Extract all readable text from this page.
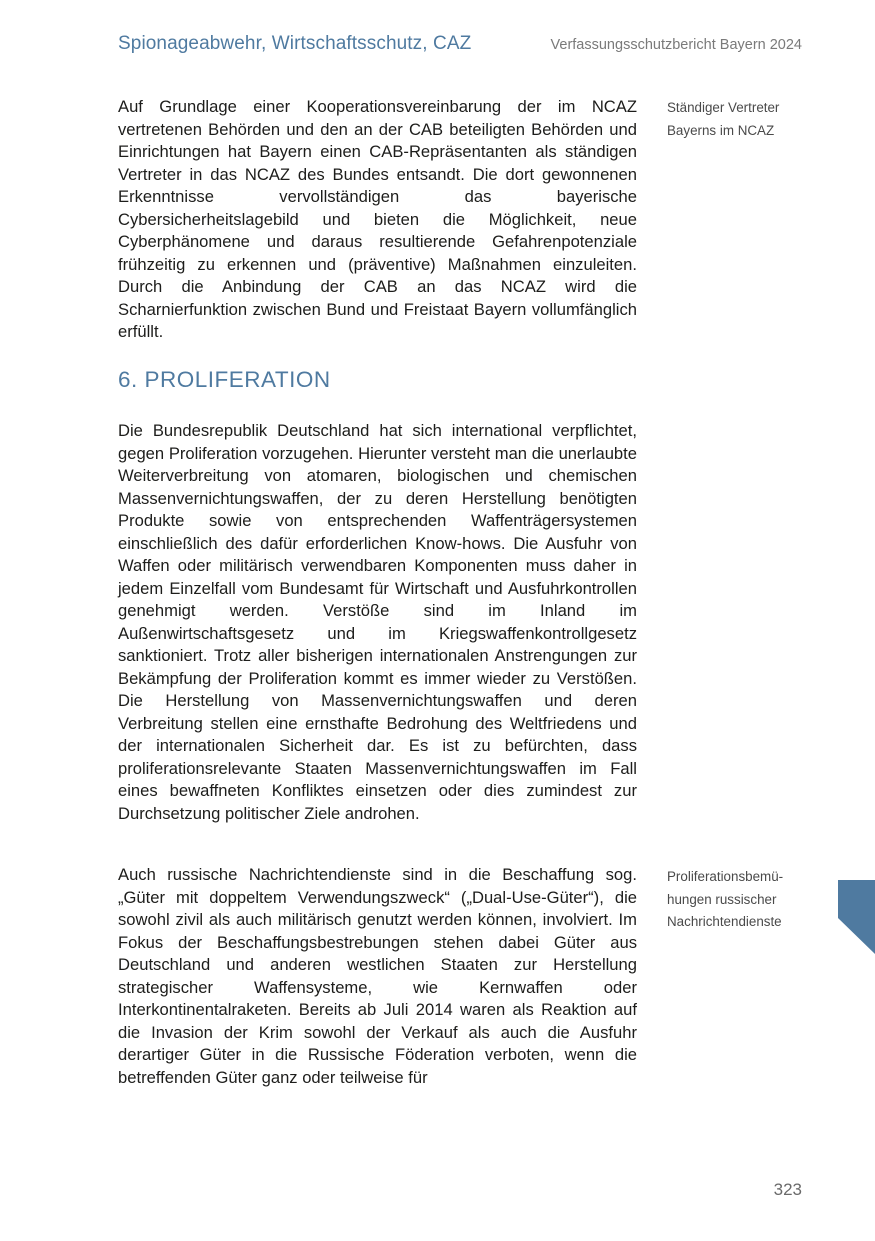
Spionageabwehr, Wirtschaftsschutz, CAZ	Verfassungsschutzbericht Bayern 2024

Auf Grundlage einer Kooperationsvereinbarung der im NCAZ vertretenen Behörden und den an der CAB beteiligten Behörden und Einrichtungen hat Bayern einen CAB-Repräsentanten als ständigen Vertreter in das NCAZ des Bundes entsandt. Die dort gewonnenen Erkenntnisse vervollständigen das bayerische Cybersicherheitslagebild und bieten die Möglichkeit, neue Cyberphänomene und daraus resultierende Gefahrenpotenziale frühzeitig zu erkennen und (präventive) Maßnahmen einzuleiten. Durch die Anbindung der CAB an das NCAZ wird die Scharnierfunktion zwischen Bund und Freistaat Bayern vollumfänglich erfüllt.

6. PROLIFERATION

Die Bundesrepublik Deutschland hat sich international verpflichtet, gegen Proliferation vorzugehen. Hierunter versteht man die unerlaubte Weiterverbreitung von atomaren, biologischen und chemischen Massenvernichtungswaffen, der zu deren Herstellung benötigten Produkte sowie von entsprechenden Waffenträgersystemen einschließlich des dafür erforderlichen Know-hows. Die Ausfuhr von Waffen oder militärisch verwendbaren Komponenten muss daher in jedem Einzelfall vom Bundesamt für Wirtschaft und Ausfuhrkontrollen genehmigt werden. Verstöße sind im Inland im Außenwirtschaftsgesetz und im Kriegswaffenkontrollgesetz sanktioniert. Trotz aller bisherigen internationalen Anstrengungen zur Bekämpfung der Proliferation kommt es immer wieder zu Verstößen. Die Herstellung von Massenvernichtungswaffen und deren Verbreitung stellen eine ernsthafte Bedrohung des Weltfriedens und der internationalen Sicherheit dar. Es ist zu befürchten, dass proliferationsrelevante Staaten Massenvernichtungswaffen im Fall eines bewaffneten Konfliktes einsetzen oder dies zumindest zur Durchsetzung politischer Ziele androhen.

Auch russische Nachrichtendienste sind in die Beschaffung sog. „Güter mit doppeltem Verwendungszweck“ („Dual-Use-Güter“), die sowohl zivil als auch militärisch genutzt werden können, involviert. Im Fokus der Beschaffungsbestrebungen stehen dabei Güter aus Deutschland und anderen westlichen Staaten zur Herstellung strategischer Waffensysteme, wie Kernwaffen oder Interkontinentalraketen. Bereits ab Juli 2014 waren als Reaktion auf die Invasion der Krim sowohl der Verkauf als auch die Ausfuhr derartiger Güter in die Russische Föderation verboten, wenn die betreffenden Güter ganz oder teilweise für

Ständiger Vertreter
Bayerns im NCAZ
Proliferationsbemü-
hungen russischer
Nachrichtendienste
323
